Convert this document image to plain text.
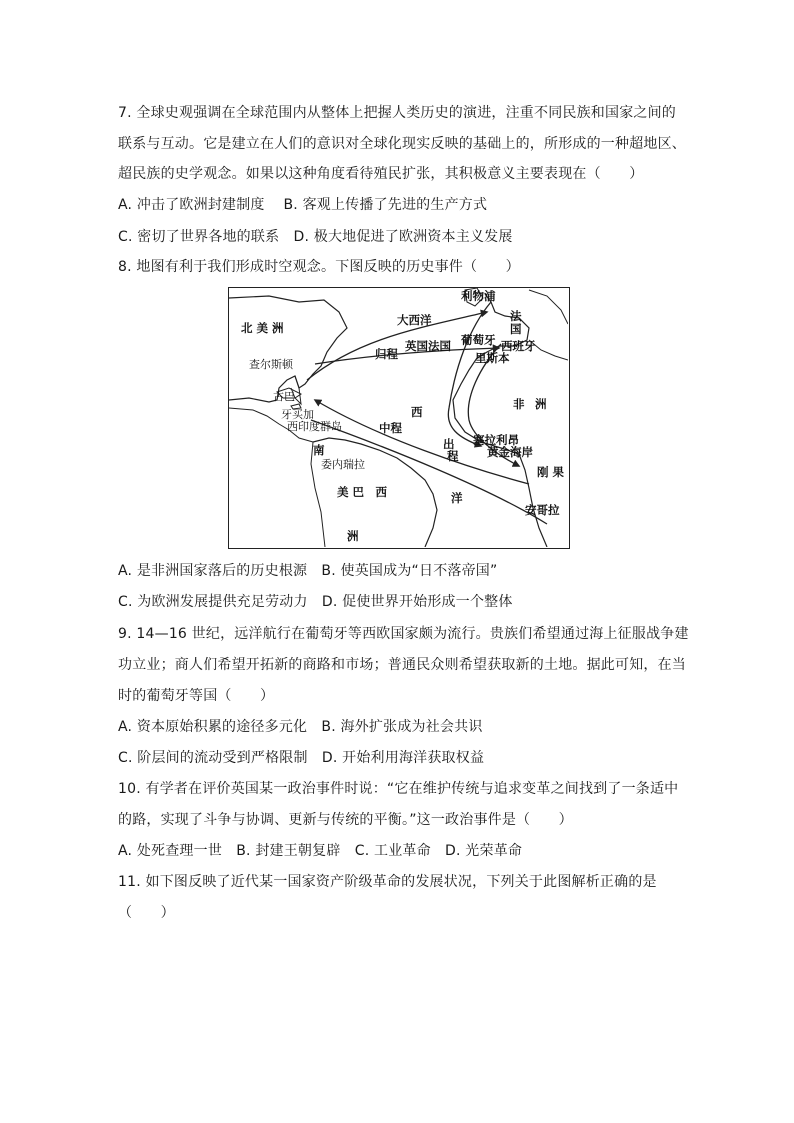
7. 全球史观强调在全球范围内从整体上把握人类历史的演进，注重不同民族和国家之间的
联系与互动。它是建立在人们的意识对全球化现实反映的基础上的，所形成的一种超地区、
超民族的史学观念。如果以这种角度看待殖民扩张，其积极意义主要表现在（　　）
A. 冲击了欧洲封建制度　 B. 客观上传播了先进的生产方式
C. 密切了世界各地的联系　D. 极大地促进了欧洲资本主义发展
8. 地图有利于我们形成时空观念。下图反映的历史事件（　　）
北 美 洲
大西洋
利物浦
法
国
葡萄牙 西班牙
里斯本
归程
英国法国
查尔斯顿
古巴
牙买加
西印度群岛
西
中程
非 洲
出
程
塞拉利昂
黄金海岸
南
委内瑞拉
刚 果
美 巴　西	洋
安哥拉
洲
A. 是非洲国家落后的历史根源　B. 使英国成为“日不落帝国”
C. 为欧洲发展提供充足劳动力　D. 促使世界开始形成一个整体
9. 14—16 世纪，远洋航行在葡萄牙等西欧国家颇为流行。贵族们希望通过海上征服战争建
功立业；商人们希望开拓新的商路和市场；普通民众则希望获取新的土地。据此可知，在当
时的葡萄牙等国（　　）
A. 资本原始积累的途径多元化　B. 海外扩张成为社会共识
C. 阶层间的流动受到严格限制　D. 开始利用海洋获取权益
10. 有学者在评价英国某一政治事件时说：“它在维护传统与追求变革之间找到了一条适中
的路，实现了斗争与协调、更新与传统的平衡。”这一政治事件是（　　）
A. 处死查理一世　B. 封建王朝复辟　C. 工业革命　D. 光荣革命
11. 如下图反映了近代某一国家资产阶级革命的发展状况，下列关于此图解析正确的是
（　　）
